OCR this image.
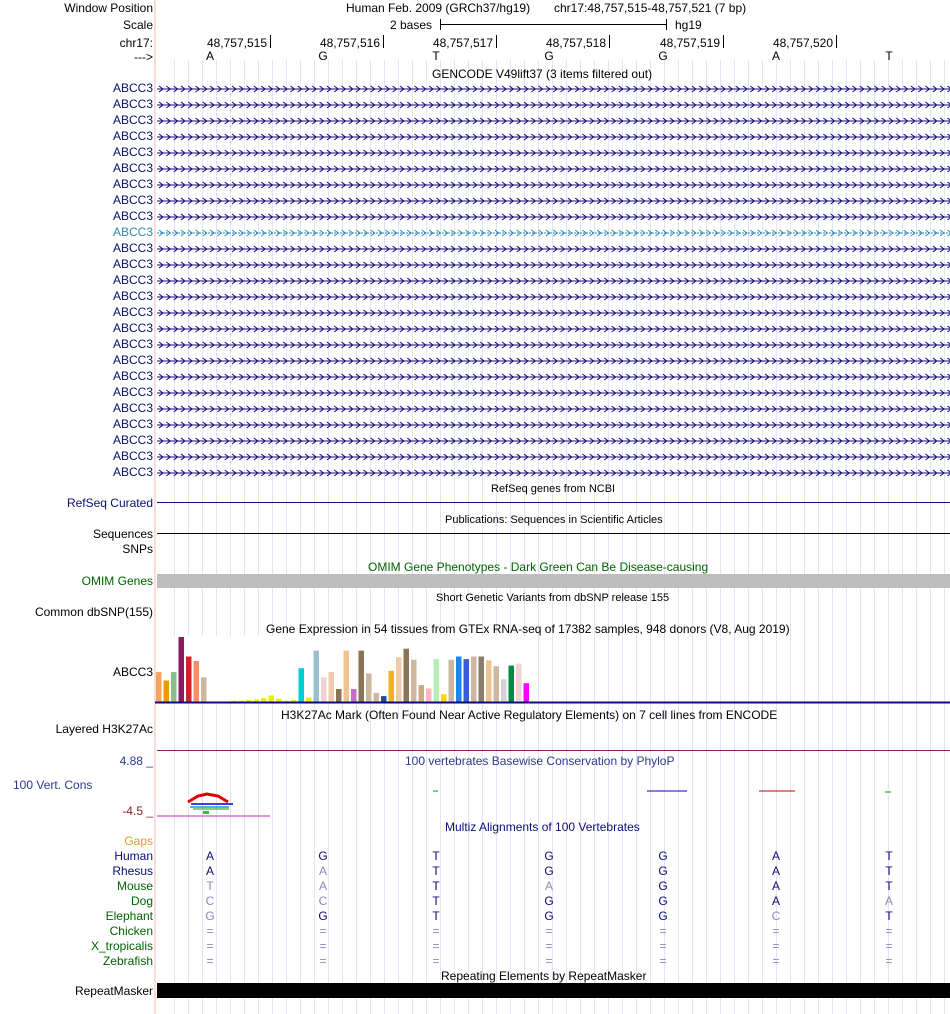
Window Position
Scale
chr17:
--->
Human Feb. 2009 (GRCh37/hg19) chr17:48,757,515-48,757,521 (7 bp)
2 bases	hg19
48,757,515	48,757,516	48,757,517	48,757,518	48,757,519	48,757,520
A	G	T	G	G	A	T
GENCODE V49lift37 (3 items filtered out)
ABCC3
ABCC3
ABCC3
ABCC3
ABCC3
ABCC3
ABCC3
ABCC3
ABCC3
ABCC3
ABCC3
ABCC3
ABCC3
ABCC3
ABCC3
ABCC3
ABCC3
ABCC3
ABCC3
ABCC3
ABCC3
ABCC3
ABCC3
ABCC3
ABCC3
RefSeq genes from NCBI
RefSeq Curated
Publications: Sequences in Scientific Articles
Sequences
SNPs
OMIM Gene Phenotypes - Dark Green Can Be Disease-causing
OMIM Genes
Short Genetic Variants from dbSNP release 155
Common dbSNP(155)
Gene Expression in 54 tissues from GTEx RNA-seq of 17382 samples, 948 donors (V8, Aug 2019)
ABCC3
H3K27Ac Mark (Often Found Near Active Regulatory Elements) on 7 cell lines from ENCODE
Layered H3K27Ac
100 vertebrates Basewise Conservation by PhyloP
4.88 _
100 Vert. Cons
-4.5 _
Multiz Alignments of 100 Vertebrates
Gaps
Human	A	G	T	G	G	A	T
Rhesus	A	A	T	G	G	A	T
Mouse	T	A	T	A	G	A	T
Dog	C	C	T	G	G	A	A
Elephant	G	G	T	G	G	C	T
Chicken	=	=	=	=	=	=	=
X_tropicalis	=	=	=	=	=	=	=
Zebrafish	=	=	=	=	=	=	=
Repeating Elements by RepeatMasker
RepeatMasker
